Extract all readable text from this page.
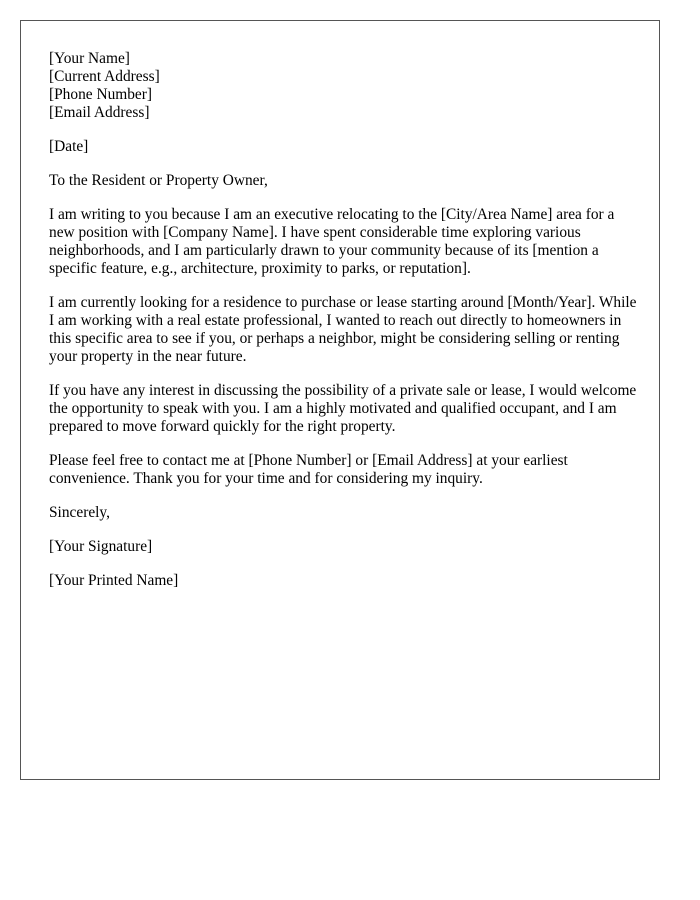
[Your Name]
[Current Address]
[Phone Number]
[Email Address]

[Date]

To the Resident or Property Owner,

I am writing to you because I am an executive relocating to the [City/Area Name] area for a new position with [Company Name]. I have spent considerable time exploring various neighborhoods, and I am particularly drawn to your community because of its [mention a specific feature, e.g., architecture, proximity to parks, or reputation].

I am currently looking for a residence to purchase or lease starting around [Month/Year]. While I am working with a real estate professional, I wanted to reach out directly to homeowners in this specific area to see if you, or perhaps a neighbor, might be considering selling or renting your property in the near future.

If you have any interest in discussing the possibility of a private sale or lease, I would welcome the opportunity to speak with you. I am a highly motivated and qualified occupant, and I am prepared to move forward quickly for the right property.

Please feel free to contact me at [Phone Number] or [Email Address] at your earliest convenience. Thank you for your time and for considering my inquiry.

Sincerely,

[Your Signature]

[Your Printed Name]
